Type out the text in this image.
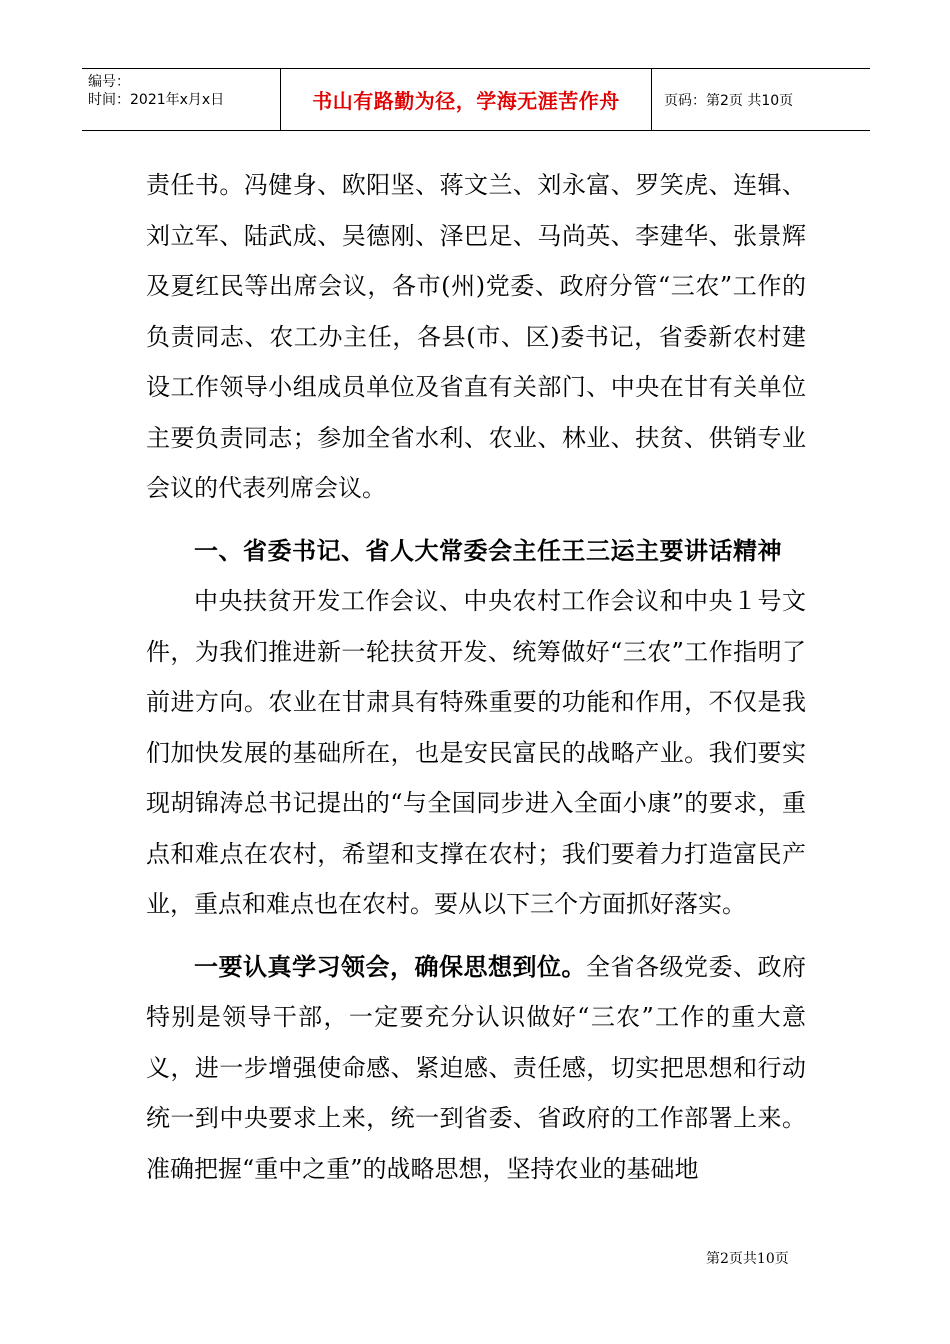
编号：
时间：2021年x月x日	书山有路勤为径，学海无涯苦作舟	页码：第2页 共10页

责任书。冯健身、欧阳坚、蒋文兰、刘永富、罗笑虎、连辑、刘立军、陆武成、吴德刚、泽巴足、马尚英、李建华、张景辉及夏红民等出席会议，各市(州)党委、政府分管“三农”工作的负责同志、农工办主任，各县(市、区)委书记，省委新农村建设工作领导小组成员单位及省直有关部门、中央在甘有关单位主要负责同志；参加全省水利、农业、林业、扶贫、供销专业会议的代表列席会议。

一、省委书记、省人大常委会主任王三运主要讲话精神

中央扶贫开发工作会议、中央农村工作会议和中央１号文件，为我们推进新一轮扶贫开发、统筹做好“三农”工作指明了前进方向。农业在甘肃具有特殊重要的功能和作用，不仅是我们加快发展的基础所在，也是安民富民的战略产业。我们要实现胡锦涛总书记提出的“与全国同步进入全面小康”的要求，重点和难点在农村，希望和支撑在农村；我们要着力打造富民产业，重点和难点也在农村。要从以下三个方面抓好落实。

一要认真学习领会，确保思想到位。全省各级党委、政府特别是领导干部，一定要充分认识做好“三农”工作的重大意义，进一步增强使命感、紧迫感、责任感，切实把思想和行动统一到中央要求上来，统一到省委、省政府的工作部署上来。准确把握“重中之重”的战略思想，坚持农业的基础地

第2页共10页
